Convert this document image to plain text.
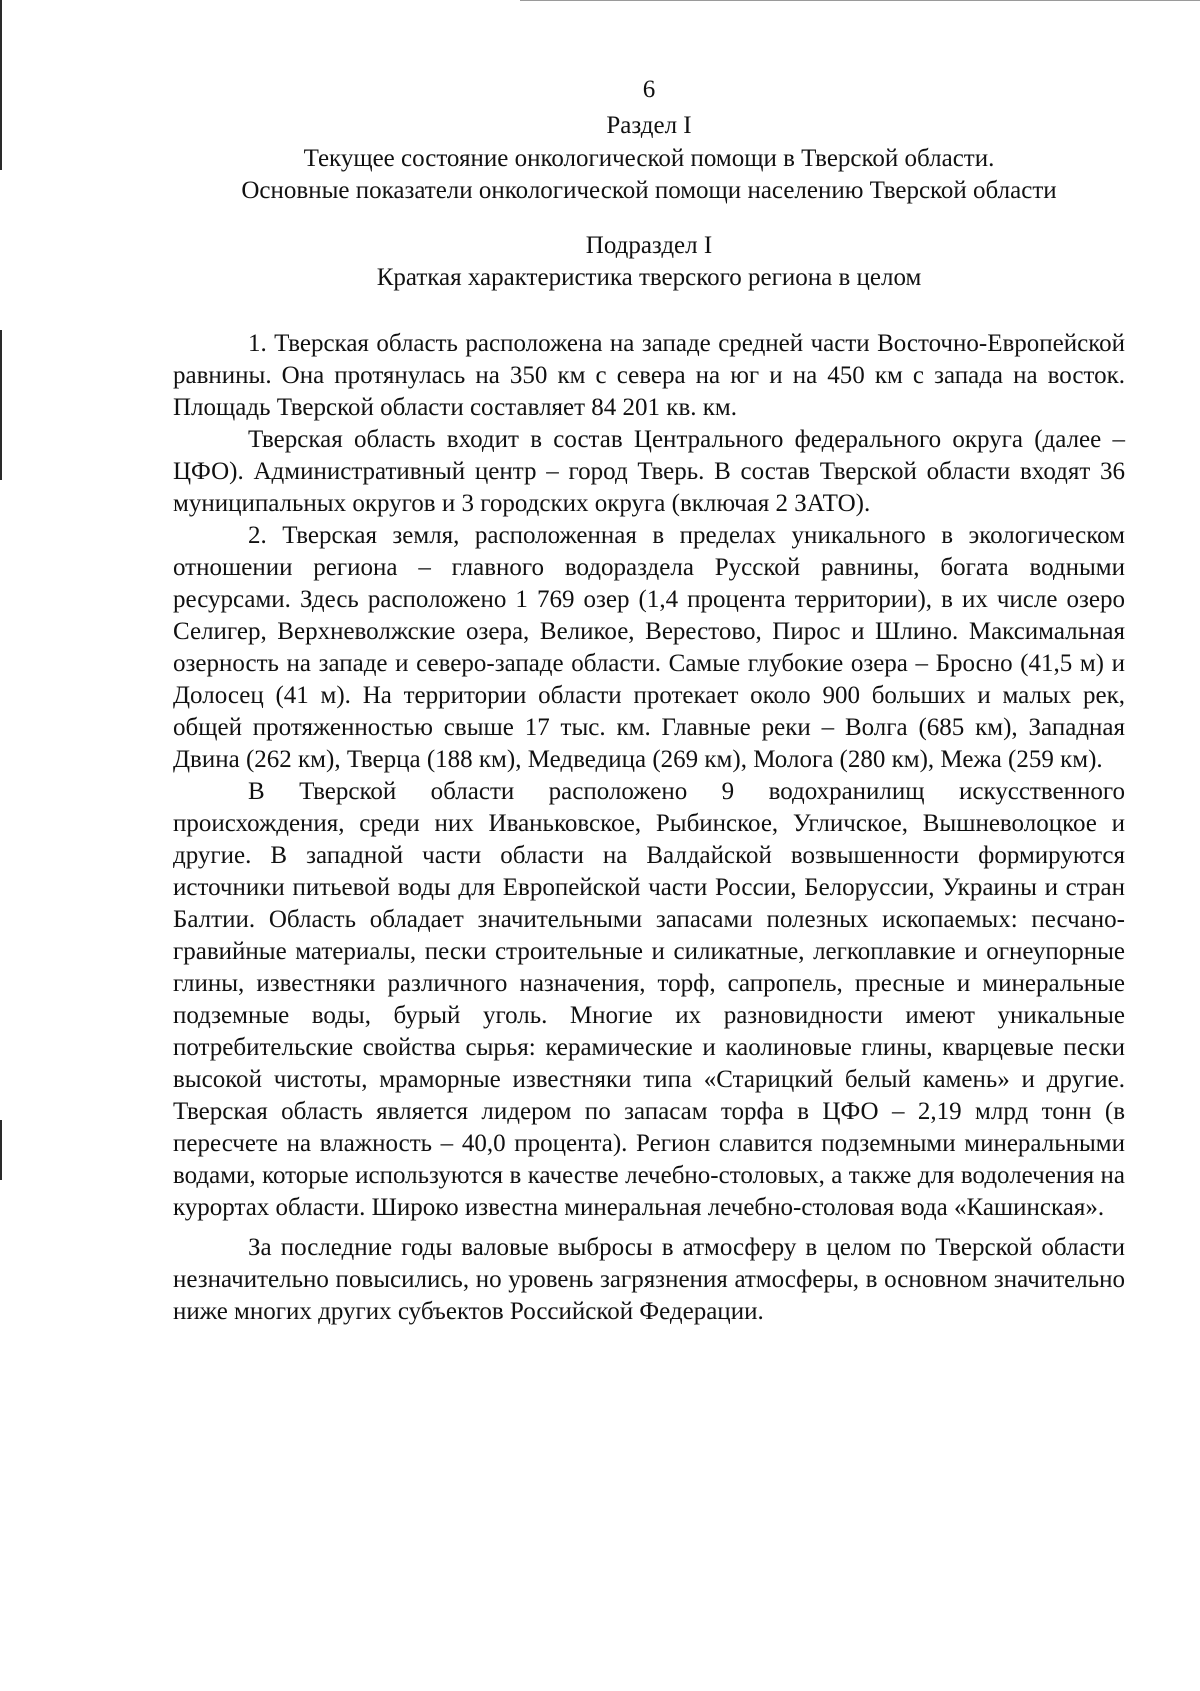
6

Раздел I

Текущее состояние онкологической помощи в Тверской области.

Основные показатели онкологической помощи населению Тверской области

Подраздел I

Краткая характеристика тверского региона в целом

1. Тверская область расположена на западе средней части Восточно-Европейской равнины. Она протянулась на 350 км с севера на юг и на 450 км с запада на восток. Площадь Тверской области составляет 84 201 кв. км.

Тверская область входит в состав Центрального федерального округа (далее – ЦФО). Административный центр – город Тверь. В состав Тверской области входят 36 муниципальных округов и 3 городских округа (включая 2 ЗАТО).

2. Тверская земля, расположенная в пределах уникального в экологическом отношении региона – главного водораздела Русской равнины, богата водными ресурсами. Здесь расположено 1 769 озер (1,4 процента территории), в их числе озеро Селигер, Верхневолжские озера, Великое, Верестово, Пирос и Шлино. Максимальная озерность на западе и северо-западе области. Самые глубокие озера – Бросно (41,5 м) и Долосец (41 м). На территории области протекает около 900 больших и малых рек, общей протяженностью свыше 17 тыс. км. Главные реки – Волга (685 км), Западная Двина (262 км), Тверца (188 км), Медведица (269 км), Молога (280 км), Межа (259 км).

В Тверской области расположено 9 водохранилищ искусственного происхождения, среди них Иваньковское, Рыбинское, Угличское, Вышневолоцкое и другие. В западной части области на Валдайской возвышенности формируются источники питьевой воды для Европейской части России, Белоруссии, Украины и стран Балтии. Область обладает значительными запасами полезных ископаемых: песчано-гравийные материалы, пески строительные и силикатные, легкоплавкие и огнеупорные глины, известняки различного назначения, торф, сапропель, пресные и минеральные подземные воды, бурый уголь. Многие их разновидности имеют уникальные потребительские свойства сырья: керамические и каолиновые глины, кварцевые пески высокой чистоты, мраморные известняки типа «Старицкий белый камень» и другие. Тверская область является лидером по запасам торфа в ЦФО – 2,19 млрд тонн (в пересчете на влажность – 40,0 процента). Регион славится подземными минеральными водами, которые используются в качестве лечебно-столовых, а также для водолечения на курортах области. Широко известна минеральная лечебно-столовая вода «Кашинская».

За последние годы валовые выбросы в атмосферу в целом по Тверской области незначительно повысились, но уровень загрязнения атмосферы, в основном значительно ниже многих других субъектов Российской Федерации.
